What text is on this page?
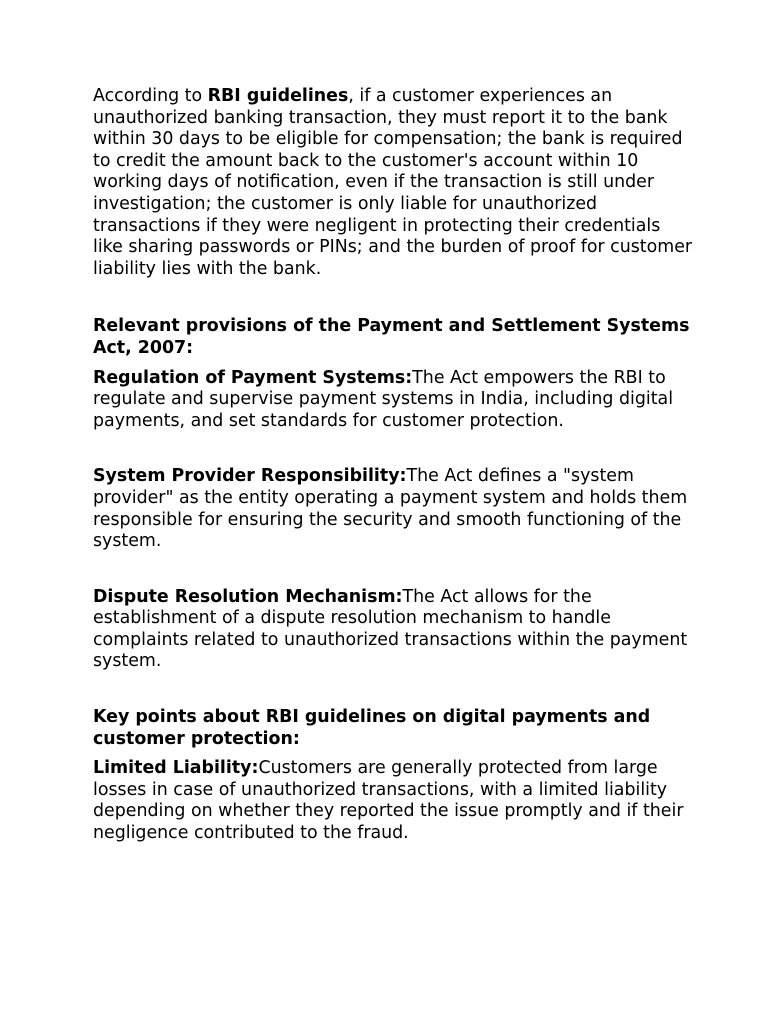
According to RBI guidelines, if a customer experiences an unauthorized banking transaction, they must report it to the bank within 30 days to be eligible for compensation; the bank is required to credit the amount back to the customer's account within 10 working days of notification, even if the transaction is still under investigation; the customer is only liable for unauthorized transactions if they were negligent in protecting their credentials like sharing passwords or PINs; and the burden of proof for customer liability lies with the bank.

Relevant provisions of the Payment and Settlement Systems Act, 2007:

Regulation of Payment Systems:The Act empowers the RBI to regulate and supervise payment systems in India, including digital payments, and set standards for customer protection.

System Provider Responsibility:The Act defines a "system provider" as the entity operating a payment system and holds them responsible for ensuring the security and smooth functioning of the system.

Dispute Resolution Mechanism:The Act allows for the establishment of a dispute resolution mechanism to handle complaints related to unauthorized transactions within the payment system.

Key points about RBI guidelines on digital payments and customer protection:

Limited Liability:Customers are generally protected from large losses in case of unauthorized transactions, with a limited liability depending on whether they reported the issue promptly and if their negligence contributed to the fraud.
